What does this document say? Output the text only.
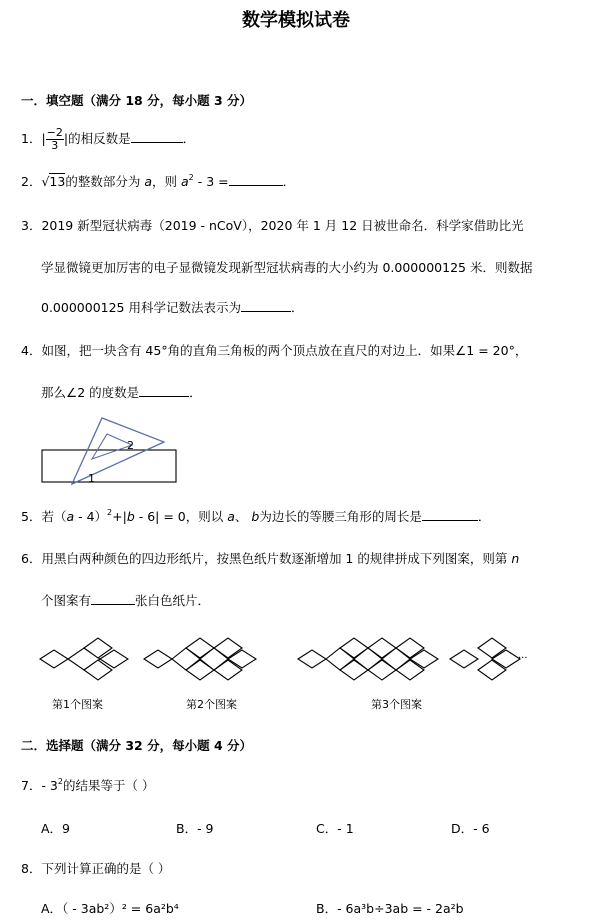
数学模拟试卷
一．填空题（满分 18 分，每小题 3 分）
1．| $\frac{-2}{3}$ |的相反数是	．
2．√13的整数部分为 a，则 $a^2 - 3$ =	．
3．2019 新型冠状病毒（2019 - nCoV），2020 年 1 月 12 日被世命名．科学家借助比光
学显微镜更加厉害的电子显微镜发现新型冠状病毒的大小约为 0.000000125 米．则数据
0.000000125 用科学记数法表示为	．
4．如图，把一块含有 45°角的直角三角板的两个顶点放在直尺的对边上．如果∠1 = 20°，
那么∠2 的度数是	．
2
1
5．若（a - 4）$^2$+|b - 6| = 0，则以 a、 b为边长的等腰三角形的周长是	．
6．用黑白两种颜色的四边形纸片，按黑色纸片数逐渐增加 1 的规律拼成下列图案，则第 n
个图案有	张白色纸片．
···
第1个图案	第2个图案	第3个图案
二．选择题（满分 32 分，每小题 4 分）
7．- $3^2$的结果等于（ ）
A．9	B．- 9	C．- 1	D．- 6
8．下列计算正确的是（ ）
A．（ - 3ab²）² = 6a²b⁴	B．- 6a³b÷3ab = - 2a²b
